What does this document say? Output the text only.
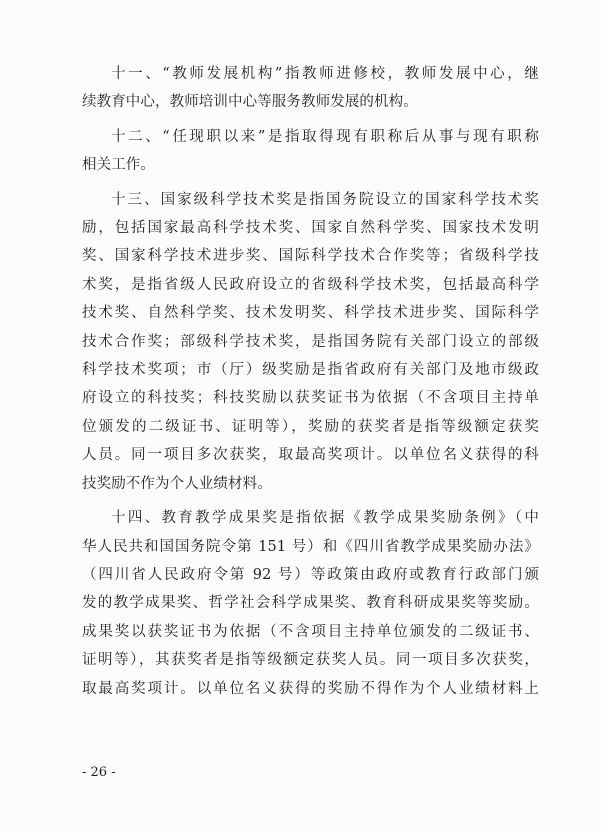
十一、“教师发展机构”指教师进修校，教师发展中心，继
续教育中心，教师培训中心等服务教师发展的机构。

十二、“任现职以来”是指取得现有职称后从事与现有职称
相关工作。

十三、国家级科学技术奖是指国务院设立的国家科学技术奖
励，包括国家最高科学技术奖、国家自然科学奖、国家技术发明
奖、国家科学技术进步奖、国际科学技术合作奖等；省级科学技
术奖，是指省级人民政府设立的省级科学技术奖，包括最高科学
技术奖、自然科学奖、技术发明奖、科学技术进步奖、国际科学
技术合作奖；部级科学技术奖，是指国务院有关部门设立的部级
科学技术奖项；市（厅）级奖励是指省政府有关部门及地市级政
府设立的科技奖；科技奖励以获奖证书为依据（不含项目主持单
位颁发的二级证书、证明等），奖励的获奖者是指等级额定获奖
人员。同一项目多次获奖，取最高奖项计。以单位名义获得的科
技奖励不作为个人业绩材料。

十四、教育教学成果奖是指依据《教学成果奖励条例》（中
华人民共和国国务院令第 151 号）和《四川省教学成果奖励办法》
（四川省人民政府令第 92 号）等政策由政府或教育行政部门颁
发的教学成果奖、哲学社会科学成果奖、教育科研成果奖等奖励。
成果奖以获奖证书为依据（不含项目主持单位颁发的二级证书、
证明等），其获奖者是指等级额定获奖人员。同一项目多次获奖，
取最高奖项计。以单位名义获得的奖励不得作为个人业绩材料上

- 26 -
